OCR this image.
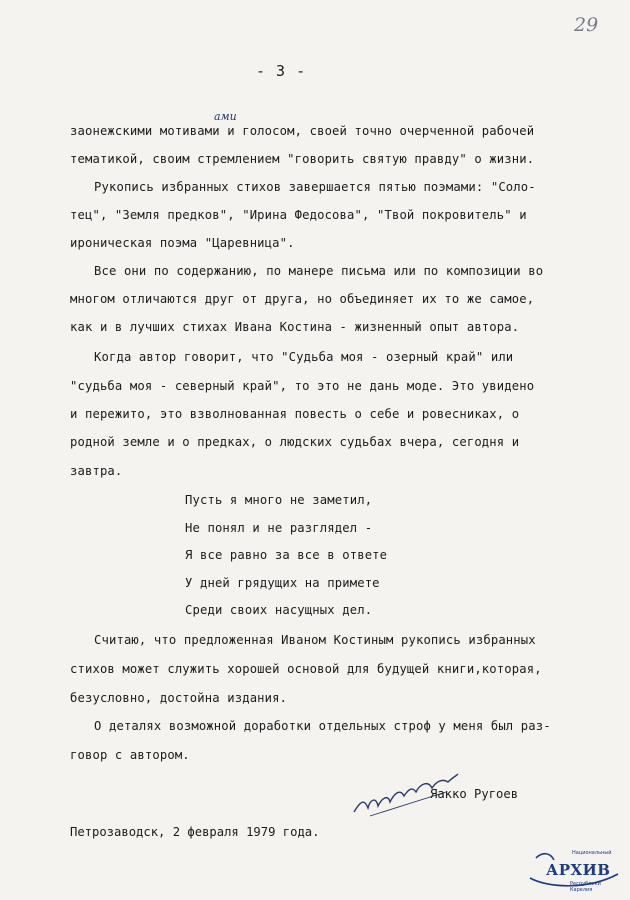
29
- 3 -
ами
заонежскими мотивами и голосом, своей точно очерченной рабочей
тематикой, своим стремлением "говорить святую правду" о жизни.
Рукопись избранных стихов завершается пятью поэмами: "Соло-
тец", "Земля предков", "Ирина Федосова", "Твой покровитель" и
ироническая поэма "Царевница".
Все они по содержанию, по манере письма или по композиции во
многом отличаются друг от друга, но объединяет их то же самое,
как и в лучших стихах Ивана Костина - жизненный опыт автора.
Когда автор говорит, что "Судьба моя - озерный край" или
"судьба моя - северный край", то это не дань моде. Это увидено
и пережито, это взволнованная повесть о себе и ровесниках, о
родной земле и о предках, о людских судьбах вчера, сегодня и
завтра.
Пусть я много не заметил,
Не понял и не разглядел -
Я все равно за все в ответе
У дней грядущих на примете
Среди своих насущных дел.
Считаю, что предложенная Иваном Костиным рукопись избранных
стихов может служить хорошей основой для будущей книги,которая,
безусловно, достойна издания.
О деталях возможной доработки отдельных строф у меня был раз-
говор с автором.
Яакко Ругоев
Петрозаводск, 2 февраля 1979 года.
Национальный
АРХИВ
Республики Карелия
